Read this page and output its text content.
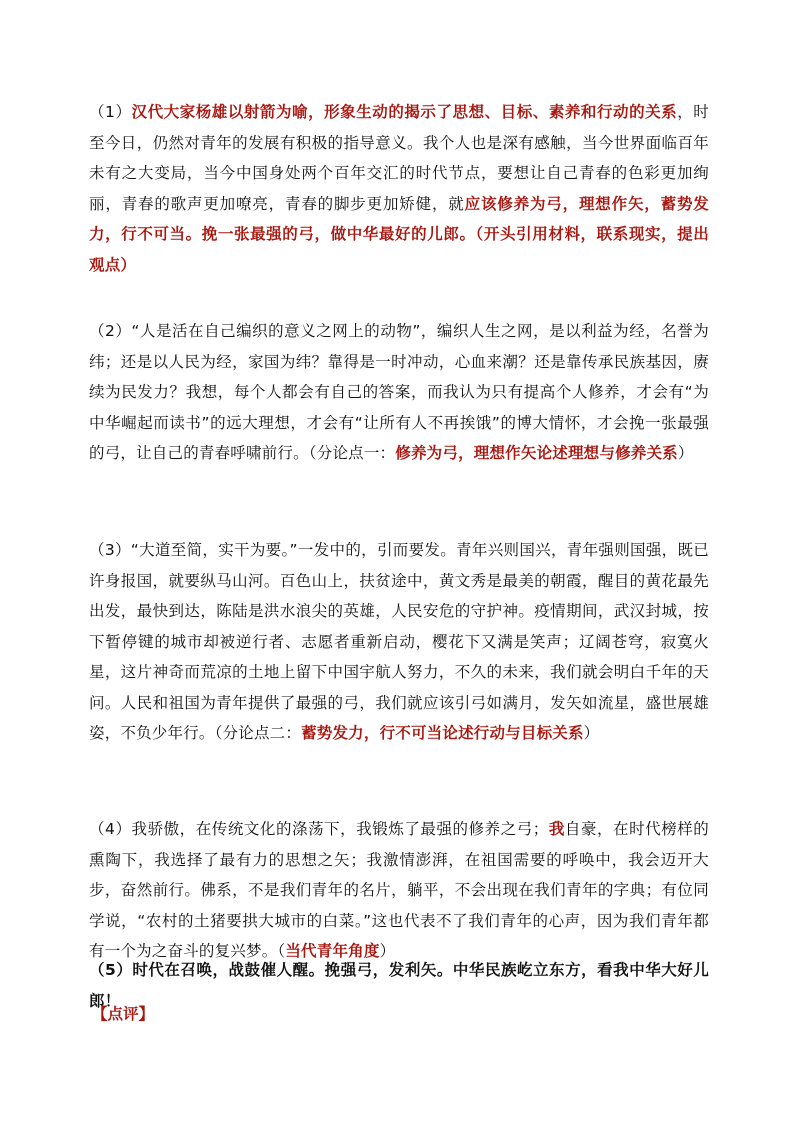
（1）汉代大家杨雄以射箭为喻，形象生动的揭示了思想、目标、素养和行动的关系，时至今日，仍然对青年的发展有积极的指导意义。我个人也是深有感触，当今世界面临百年未有之大变局，当今中国身处两个百年交汇的时代节点，要想让自己青春的色彩更加绚丽，青春的歌声更加嘹亮，青春的脚步更加矫健，就应该修养为弓，理想作矢，蓄势发力，行不可当。挽一张最强的弓，做中华最好的儿郎。（开头引用材料，联系现实，提出观点）

（2）“人是活在自己编织的意义之网上的动物”，编织人生之网，是以利益为经，名誉为纬；还是以人民为经，家国为纬？靠得是一时冲动，心血来潮？还是靠传承民族基因，赓续为民发力？我想，每个人都会有自己的答案，而我认为只有提高个人修养，才会有“为中华崛起而读书”的远大理想，才会有“让所有人不再挨饿”的博大情怀，才会挽一张最强的弓，让自己的青春呼啸前行。（分论点一：修养为弓，理想作矢论述理想与修养关系）

（3）“大道至简，实干为要。”一发中的，引而要发。青年兴则国兴，青年强则国强，既已许身报国，就要纵马山河。百色山上，扶贫途中，黄文秀是最美的朝霞，醒目的黄花最先出发，最快到达，陈陆是洪水浪尖的英雄，人民安危的守护神。疫情期间，武汉封城，按下暂停键的城市却被逆行者、志愿者重新启动，樱花下又满是笑声；辽阔苍穹，寂寞火星，这片神奇而荒凉的土地上留下中国宇航人努力，不久的未来，我们就会明白千年的天问。人民和祖国为青年提供了最强的弓，我们就应该引弓如满月，发矢如流星，盛世展雄姿，不负少年行。（分论点二：蓄势发力，行不可当论述行动与目标关系）

（4）我骄傲，在传统文化的涤荡下，我锻炼了最强的修养之弓；我自豪，在时代榜样的熏陶下，我选择了最有力的思想之矢；我激情澎湃，在祖国需要的呼唤中，我会迈开大步，奋然前行。佛系，不是我们青年的名片，躺平，不会出现在我们青年的字典；有位同学说，“农村的土猪要拱大城市的白菜。”这也代表不了我们青年的心声，因为我们青年都有一个为之奋斗的复兴梦。（当代青年角度）

（5）时代在召唤，战鼓催人醒。挽强弓，发利矢。中华民族屹立东方，看我中华大好儿郎！

【点评】
